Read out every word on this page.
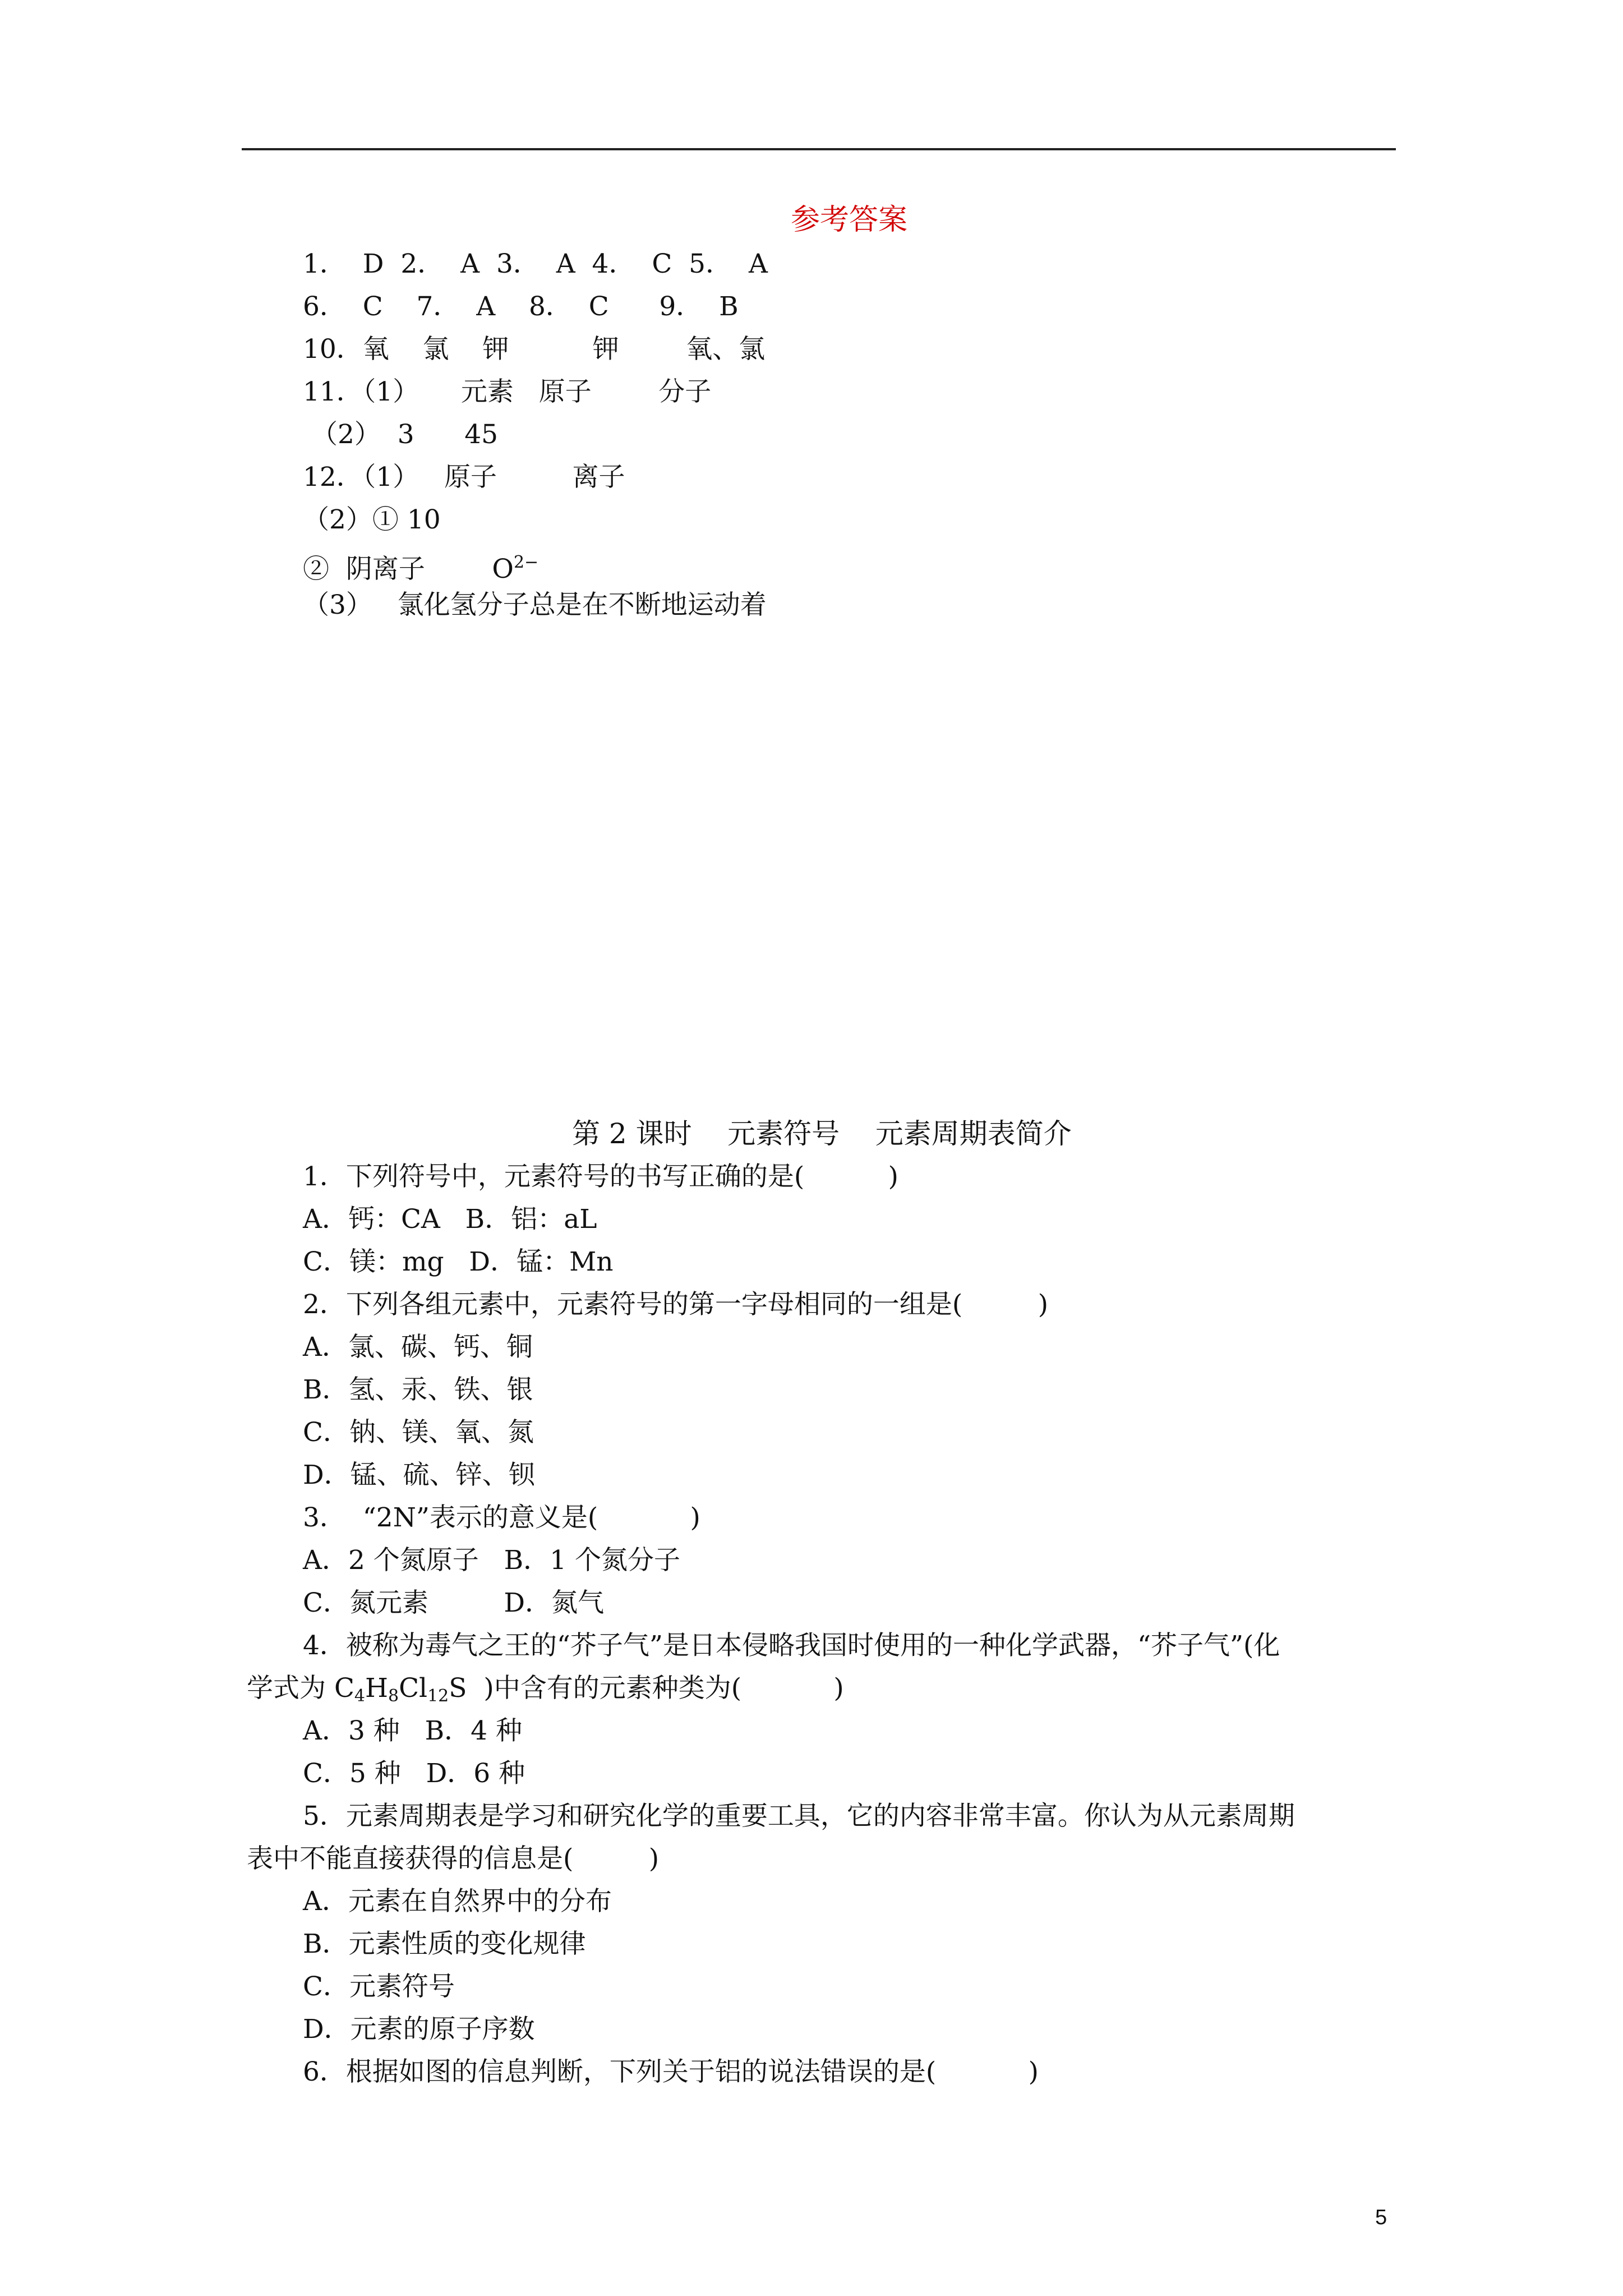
参考答案
1．  D  2．  A  3．  A  4．  C  5．  A
6．  C    7．  A    8．  C      9．  B
10．氧    氯    钾          钾        氧、氯
11．（1）     元素   原子        分子
（2）  3      45
12．（1）   原子         离子
（2）① 10
②  阴离子        $O^{2-}$
（3）   氯化氢分子总是在不断地运动着
第 2 课时    元素符号    元素周期表简介
1．下列符号中，元素符号的书写正确的是(          )
A．钙：CA   B．铝：aL
C．镁：mg   D．锰：Mn
2．下列各组元素中，元素符号的第一字母相同的一组是(         )
A．氯、碳、钙、铜
B．氢、汞、铁、银
C．钠、镁、氧、氮
D．锰、硫、锌、钡
3．  “2N”表示的意义是(           )
A．2 个氮原子   B．1 个氮分子
C．氮元素         D．氮气
4．被称为毒气之王的“芥子气”是日本侵略我国时使用的一种化学武器，“芥子气”(化
学式为 $C_4H_8Cl_{12}S$  )中含有的元素种类为(           )
A．3 种   B．4 种
C．5 种   D．6 种
5．元素周期表是学习和研究化学的重要工具，它的内容非常丰富。你认为从元素周期
表中不能直接获得的信息是(         )
A．元素在自然界中的分布
B．元素性质的变化规律
C．元素符号
D．元素的原子序数
6．根据如图的信息判断，下列关于铝的说法错误的是(           )
5
